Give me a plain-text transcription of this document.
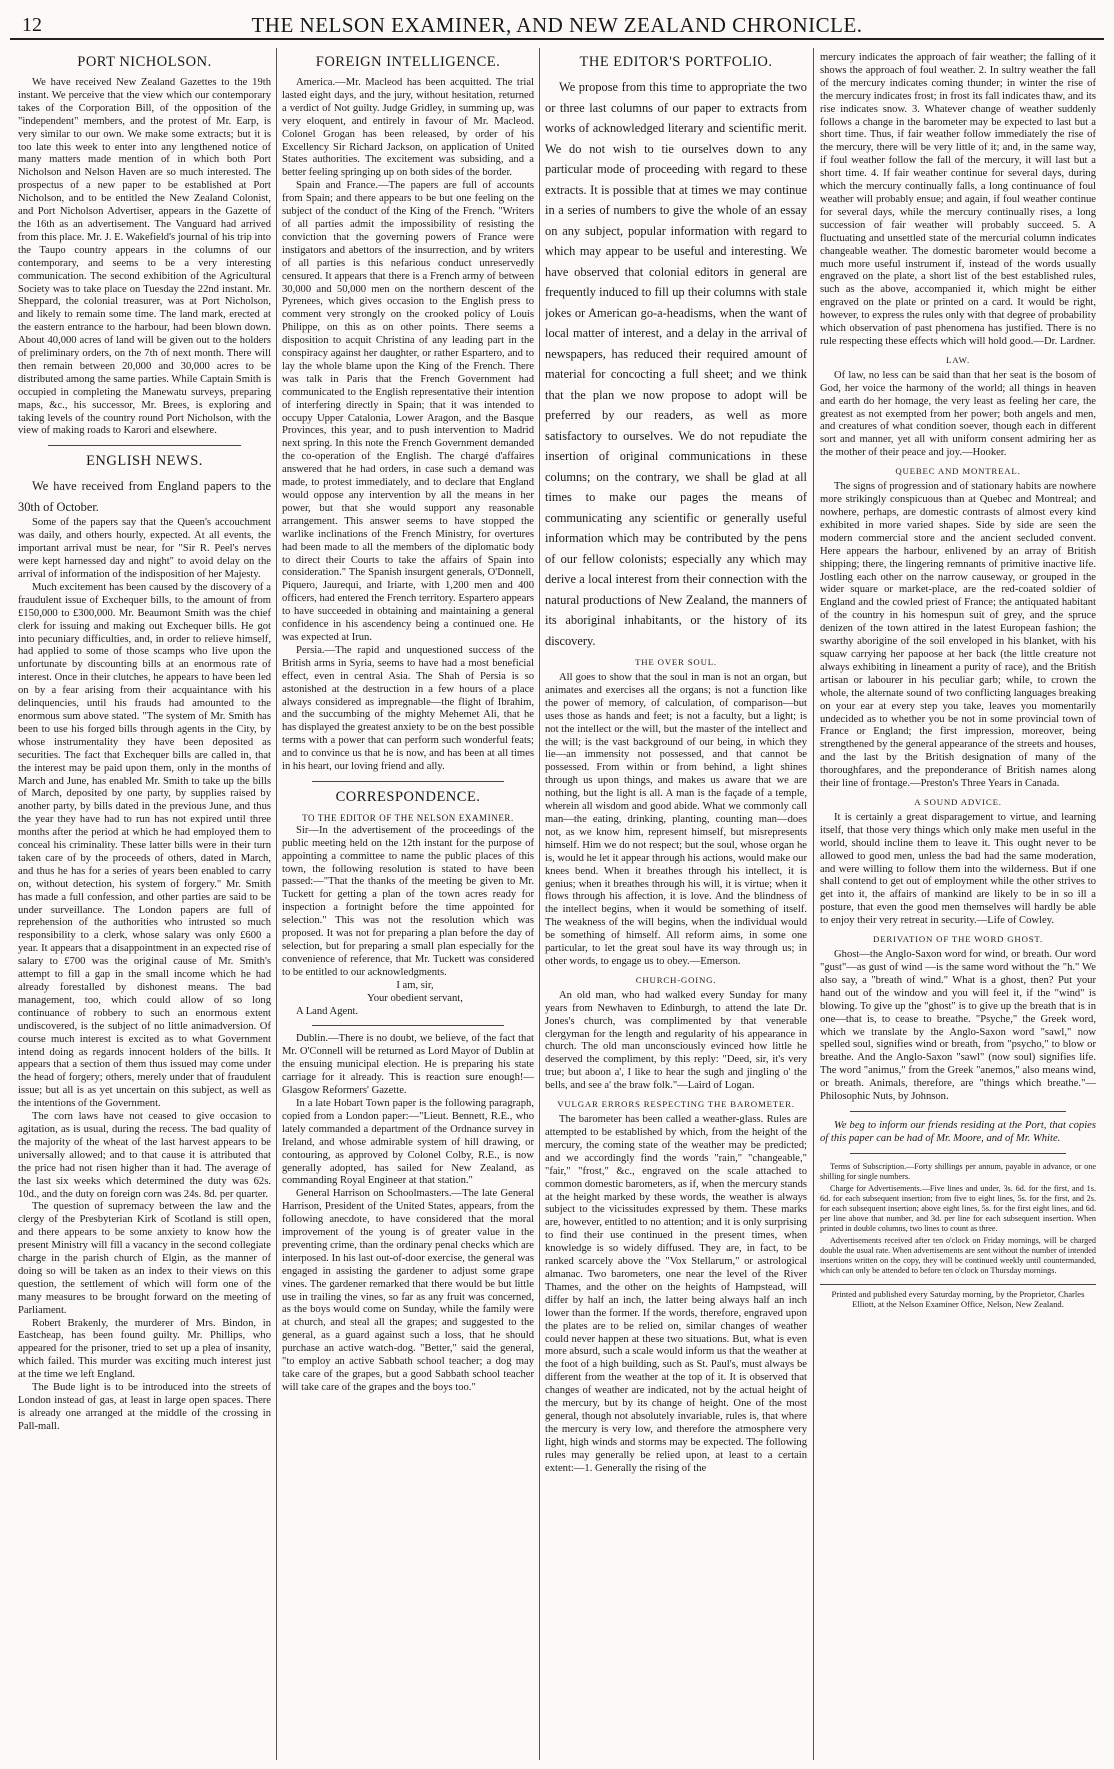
12	THE NELSON EXAMINER, AND NEW ZEALAND CHRONICLE.
PORT NICHOLSON.

We have received New Zealand Gazettes to the 19th instant. We perceive that the view which our contemporary takes of the Corporation Bill, of the opposition of the "independent" members, and the protest of Mr. Earp, is very similar to our own. We make some extracts; but it is too late this week to enter into any lengthened notice of many matters made mention of in which both Port Nicholson and Nelson Haven are so much interested. The prospectus of a new paper to be established at Port Nicholson, and to be entitled the New Zealand Colonist, and Port Nicholson Advertiser, appears in the Gazette of the 16th as an advertisement. The Vanguard had arrived from this place. Mr. J. E. Wakefield's journal of his trip into the Taupo country appears in the columns of our contemporary, and seems to be a very interesting communication. The second exhibition of the Agricultural Society was to take place on Tuesday the 22nd instant. Mr. Sheppard, the colonial treasurer, was at Port Nicholson, and likely to remain some time. The land mark, erected at the eastern entrance to the harbour, had been blown down. About 40,000 acres of land will be given out to the holders of preliminary orders, on the 7th of next month. There will then remain between 20,000 and 30,000 acres to be distributed among the same parties. While Captain Smith is occupied in completing the Manewatu surveys, preparing maps, &c., his successor, Mr. Brees, is exploring and taking levels of the country round Port Nicholson, with the view of making roads to Karori and elsewhere.

ENGLISH NEWS.

We have received from England papers to the 30th of October.

Some of the papers say that the Queen's accouchment was daily, and others hourly, expected. At all events, the important arrival must be near, for "Sir R. Peel's nerves were kept harnessed day and night" to avoid delay on the arrival of information of the indisposition of her Majesty.

Much excitement has been caused by the discovery of a fraudulent issue of Exchequer bills, to the amount of from £150,000 to £300,000. Mr. Beaumont Smith was the chief clerk for issuing and making out Exchequer bills. He got into pecuniary difficulties, and, in order to relieve himself, had applied to some of those scamps who live upon the unfortunate by discounting bills at an enormous rate of interest. Once in their clutches, he appears to have been led on by a fear arising from their acquaintance with his delinquencies, until his frauds had amounted to the enormous sum above stated. "The system of Mr. Smith has been to use his forged bills through agents in the City, by whose instrumentality they have been deposited as securities. The fact that Exchequer bills are called in, that the interest may be paid upon them, only in the months of March and June, has enabled Mr. Smith to take up the bills of March, deposited by one party, by supplies raised by another party, by bills dated in the previous June, and thus the year they have had to run has not expired until three months after the period at which he had employed them to conceal his criminality. These latter bills were in their turn taken care of by the proceeds of others, dated in March, and thus he has for a series of years been enabled to carry on, without detection, his system of forgery." Mr. Smith has made a full confession, and other parties are said to be under surveillance. The London papers are full of reprehension of the authorities who intrusted so much responsibility to a clerk, whose salary was only £600 a year. It appears that a disappointment in an expected rise of salary to £700 was the original cause of Mr. Smith's attempt to fill a gap in the small income which he had already forestalled by dishonest means. The bad management, too, which could allow of so long continuance of robbery to such an enormous extent undiscovered, is the subject of no little animadversion. Of course much interest is excited as to what Government intend doing as regards innocent holders of the bills. It appears that a section of them thus issued may come under the head of forgery; others, merely under that of fraudulent issue; but all is as yet uncertain on this subject, as well as the intentions of the Government.

The corn laws have not ceased to give occasion to agitation, as is usual, during the recess. The bad quality of the majority of the wheat of the last harvest appears to be universally allowed; and to that cause it is attributed that the price had not risen higher than it had. The average of the last six weeks which determined the duty was 62s. 10d., and the duty on foreign corn was 24s. 8d. per quarter.

The question of supremacy between the law and the clergy of the Presbyterian Kirk of Scotland is still open, and there appears to be some anxiety to know how the present Ministry will fill a vacancy in the second collegiate charge in the parish church of Elgin, as the manner of doing so will be taken as an index to their views on this question, the settlement of which will form one of the many measures to be brought forward on the meeting of Parliament.

Robert Brakenly, the murderer of Mrs. Bindon, in Eastcheap, has been found guilty. Mr. Phillips, who appeared for the prisoner, tried to set up a plea of insanity, which failed. This murder was exciting much interest just at the time we left England.

The Bude light is to be introduced into the streets of London instead of gas, at least in large open spaces. There is already one arranged at the middle of the crossing in Pall-mall.

FOREIGN INTELLIGENCE.

America.—Mr. Macleod has been acquitted. The trial lasted eight days, and the jury, without hesitation, returned a verdict of Not guilty. Judge Gridley, in summing up, was very eloquent, and entirely in favour of Mr. Macleod. Colonel Grogan has been released, by order of his Excellency Sir Richard Jackson, on application of United States authorities. The excitement was subsiding, and a better feeling springing up on both sides of the border.

Spain and France.—The papers are full of accounts from Spain; and there appears to be but one feeling on the subject of the conduct of the King of the French. "Writers of all parties admit the impossibility of resisting the conviction that the governing powers of France were instigators and abettors of the insurrection, and by writers of all parties is this nefarious conduct unreservedly censured. It appears that there is a French army of between 30,000 and 50,000 men on the northern descent of the Pyrenees, which gives occasion to the English press to comment very strongly on the crooked policy of Louis Philippe, on this as on other points. There seems a disposition to acquit Christina of any leading part in the conspiracy against her daughter, or rather Espartero, and to lay the whole blame upon the King of the French. There was talk in Paris that the French Government had communicated to the English representative their intention of interfering directly in Spain; that it was intended to occupy Upper Catalonia, Lower Aragon, and the Basque Provinces, this year, and to push intervention to Madrid next spring. In this note the French Government demanded the co-operation of the English. The chargé d'affaires answered that he had orders, in case such a demand was made, to protest immediately, and to declare that England would oppose any intervention by all the means in her power, but that she would support any reasonable arrangement. This answer seems to have stopped the warlike inclinations of the French Ministry, for overtures had been made to all the members of the diplomatic body to direct their Courts to take the affairs of Spain into consideration." The Spanish insurgent generals, O'Donnell, Piquero, Jaurequi, and Iriarte, with 1,200 men and 400 officers, had entered the French territory. Espartero appears to have succeeded in obtaining and maintaining a general confidence in his ascendency being a continued one. He was expected at Irun.

Persia.—The rapid and unquestioned success of the British arms in Syria, seems to have had a most beneficial effect, even in central Asia. The Shah of Persia is so astonished at the destruction in a few hours of a place always considered as impregnable—the flight of Ibrahim, and the succumbing of the mighty Mehemet Ali, that he has displayed the greatest anxiety to be on the best possible terms with a power that can perform such wonderful feats; and to convince us that he is now, and has been at all times in his heart, our loving friend and ally.

CORRESPONDENCE.
TO THE EDITOR OF THE NELSON EXAMINER.

Sir—In the advertisement of the proceedings of the public meeting held on the 12th instant for the purpose of appointing a committee to name the public places of this town, the following resolution is stated to have been passed:—"That the thanks of the meeting be given to Mr. Tuckett for getting a plan of the town acres ready for inspection a fortnight before the time appointed for selection." This was not the resolution which was proposed. It was not for preparing a plan before the day of selection, but for preparing a small plan especially for the convenience of reference, that Mr. Tuckett was considered to be entitled to our acknowledgments.

I am, sir,

Your obedient servant,

A Land Agent.

Dublin.—There is no doubt, we believe, of the fact that Mr. O'Connell will be returned as Lord Mayor of Dublin at the ensuing municipal election. He is preparing his state carriage for it already. This is reaction sure enough!—Glasgow Reformers' Gazette.

In a late Hobart Town paper is the following paragraph, copied from a London paper:—"Lieut. Bennett, R.E., who lately commanded a department of the Ordnance survey in Ireland, and whose admirable system of hill drawing, or contouring, as approved by Colonel Colby, R.E., is now generally adopted, has sailed for New Zealand, as commanding Royal Engineer at that station."

General Harrison on Schoolmasters.—The late General Harrison, President of the United States, appears, from the following anecdote, to have considered that the moral improvement of the young is of greater value in the preventing crime, than the ordinary penal checks which are interposed. In his last out-of-door exercise, the general was engaged in assisting the gardener to adjust some grape vines. The gardener remarked that there would be but little use in trailing the vines, so far as any fruit was concerned, as the boys would come on Sunday, while the family were at church, and steal all the grapes; and suggested to the general, as a guard against such a loss, that he should purchase an active watch-dog. "Better," said the general, "to employ an active Sabbath school teacher; a dog may take care of the grapes, but a good Sabbath school teacher will take care of the grapes and the boys too."

THE EDITOR'S PORTFOLIO.

We propose from this time to appropriate the two or three last columns of our paper to extracts from works of acknowledged literary and scientific merit. We do not wish to tie ourselves down to any particular mode of proceeding with regard to these extracts. It is possible that at times we may continue in a series of numbers to give the whole of an essay on any subject, popular information with regard to which may appear to be useful and interesting. We have observed that colonial editors in general are frequently induced to fill up their columns with stale jokes or American go-a-headisms, when the want of local matter of interest, and a delay in the arrival of newspapers, has reduced their required amount of material for concocting a full sheet; and we think that the plan we now propose to adopt will be preferred by our readers, as well as more satisfactory to ourselves. We do not repudiate the insertion of original communications in these columns; on the contrary, we shall be glad at all times to make our pages the means of communicating any scientific or generally useful information which may be contributed by the pens of our fellow colonists; especially any which may derive a local interest from their connection with the natural productions of New Zealand, the manners of its aboriginal inhabitants, or the history of its discovery.

THE OVER SOUL.

All goes to show that the soul in man is not an organ, but animates and exercises all the organs; is not a function like the power of memory, of calculation, of comparison—but uses those as hands and feet; is not a faculty, but a light; is not the intellect or the will, but the master of the intellect and the will; is the vast background of our being, in which they lie—an immensity not possessed, and that cannot be possessed. From within or from behind, a light shines through us upon things, and makes us aware that we are nothing, but the light is all. A man is the façade of a temple, wherein all wisdom and good abide. What we commonly call man—the eating, drinking, planting, counting man—does not, as we know him, represent himself, but misrepresents himself. Him we do not respect; but the soul, whose organ he is, would he let it appear through his actions, would make our knees bend. When it breathes through his intellect, it is genius; when it breathes through his will, it is virtue; when it flows through his affection, it is love. And the blindness of the intellect begins, when it would be something of itself. The weakness of the will begins, when the individual would be something of himself. All reform aims, in some one particular, to let the great soul have its way through us; in other words, to engage us to obey.—Emerson.

CHURCH-GOING.

An old man, who had walked every Sunday for many years from Newhaven to Edinburgh, to attend the late Dr. Jones's church, was complimented by that venerable clergyman for the length and regularity of his appearance in church. The old man unconsciously evinced how little he deserved the compliment, by this reply: "Deed, sir, it's very true; but aboon a', I like to hear the sugh and jingling o' the bells, and see a' the braw folk."—Laird of Logan.

VULGAR ERRORS RESPECTING THE BAROMETER.

The barometer has been called a weather-glass. Rules are attempted to be established by which, from the height of the mercury, the coming state of the weather may be predicted; and we accordingly find the words "rain," "changeable," "fair," "frost," &c., engraved on the scale attached to common domestic barometers, as if, when the mercury stands at the height marked by these words, the weather is always subject to the vicissitudes expressed by them. These marks are, however, entitled to no attention; and it is only surprising to find their use continued in the present times, when knowledge is so widely diffused. They are, in fact, to be ranked scarcely above the "Vox Stellarum," or astrological almanac. Two barometers, one near the level of the River Thames, and the other on the heights of Hampstead, will differ by half an inch, the latter being always half an inch lower than the former. If the words, therefore, engraved upon the plates are to be relied on, similar changes of weather could never happen at these two situations. But, what is even more absurd, such a scale would inform us that the weather at the foot of a high building, such as St. Paul's, must always be different from the weather at the top of it. It is observed that changes of weather are indicated, not by the actual height of the mercury, but by its change of height. One of the most general, though not absolutely invariable, rules is, that where the mercury is very low, and therefore the atmosphere very light, high winds and storms may be expected. The following rules may generally be relied upon, at least to a certain extent:—1. Generally the rising of the

mercury indicates the approach of fair weather; the falling of it shows the approach of foul weather. 2. In sultry weather the fall of the mercury indicates coming thunder; in winter the rise of the mercury indicates frost; in frost its fall indicates thaw, and its rise indicates snow. 3. Whatever change of weather suddenly follows a change in the barometer may be expected to last but a short time. Thus, if fair weather follow immediately the rise of the mercury, there will be very little of it; and, in the same way, if foul weather follow the fall of the mercury, it will last but a short time. 4. If fair weather continue for several days, during which the mercury continually falls, a long continuance of foul weather will probably ensue; and again, if foul weather continue for several days, while the mercury continually rises, a long succession of fair weather will probably succeed. 5. A fluctuating and unsettled state of the mercurial column indicates changeable weather. The domestic barometer would become a much more useful instrument if, instead of the words usually engraved on the plate, a short list of the best established rules, such as the above, accompanied it, which might be either engraved on the plate or printed on a card. It would be right, however, to express the rules only with that degree of probability which observation of past phenomena has justified. There is no rule respecting these effects which will hold good.—Dr. Lardner.

LAW.

Of law, no less can be said than that her seat is the bosom of God, her voice the harmony of the world; all things in heaven and earth do her homage, the very least as feeling her care, the greatest as not exempted from her power; both angels and men, and creatures of what condition soever, though each in different sort and manner, yet all with uniform consent admiring her as the mother of their peace and joy.—Hooker.

QUEBEC AND MONTREAL.

The signs of progression and of stationary habits are nowhere more strikingly conspicuous than at Quebec and Montreal; and nowhere, perhaps, are domestic contrasts of almost every kind exhibited in more varied shapes. Side by side are seen the modern commercial store and the ancient secluded convent. Here appears the harbour, enlivened by an array of British shipping; there, the lingering remnants of primitive inactive life. Jostling each other on the narrow causeway, or grouped in the wider square or market-place, are the red-coated soldier of England and the cowled priest of France; the antiquated habitant of the country in his homespun suit of grey, and the spruce denizen of the town attired in the latest European fashion; the swarthy aborigine of the soil enveloped in his blanket, with his squaw carrying her papoose at her back (the little creature not always exhibiting in lineament a purity of race), and the British artisan or labourer in his peculiar garb; while, to crown the whole, the alternate sound of two conflicting languages breaking on your ear at every step you take, leaves you momentarily undecided as to whether you be not in some provincial town of France or England; the first impression, moreover, being strengthened by the general appearance of the streets and houses, and the last by the British designation of many of the thoroughfares, and the preponderance of British names along their line of frontage.—Preston's Three Years in Canada.

A SOUND ADVICE.

It is certainly a great disparagement to virtue, and learning itself, that those very things which only make men useful in the world, should incline them to leave it. This ought never to be allowed to good men, unless the bad had the same moderation, and were willing to follow them into the wilderness. But if one shall contend to get out of employment while the other strives to get into it, the affairs of mankind are likely to be in so ill a posture, that even the good men themselves will hardly be able to enjoy their very retreat in security.—Life of Cowley.

DERIVATION OF THE WORD GHOST.

Ghost—the Anglo-Saxon word for wind, or breath. Our word "gust"—as gust of wind —is the same word without the "h." We also say, a "breath of wind." What is a ghost, then? Put your hand out of the window and you will feel it, if the "wind" is blowing. To give up the "ghost" is to give up the breath that is in one—that is, to cease to breathe. "Psyche," the Greek word, which we translate by the Anglo-Saxon word "sawl," now spelled soul, signifies wind or breath, from "psycho," to blow or breathe. And the Anglo-Saxon "sawl" (now soul) signifies life. The word "animus," from the Greek "anemos," also means wind, or breath. Animals, therefore, are "things which breathe."—Philosophic Nuts, by Johnson.

We beg to inform our friends residing at the Port, that copies of this paper can be had of Mr. Moore, and of Mr. White.

Terms of Subscription.—Forty shillings per annum, payable in advance, or one shilling for single numbers.

Charge for Advertisements.—Five lines and under, 3s. 6d. for the first, and 1s. 6d. for each subsequent insertion; from five to eight lines, 5s. for the first, and 2s. for each subsequent insertion; above eight lines, 5s. for the first eight lines, and 6d. per line above that number, and 3d. per line for each subsequent insertion. When printed in double columns, two lines to count as three.

Advertisements received after ten o'clock on Friday mornings, will be charged double the usual rate. When advertisements are sent without the number of intended insertions written on the copy, they will be continued weekly until countermanded, which can only be attended to before ten o'clock on Thursday mornings.

Printed and published every Saturday morning, by the Proprietor, Charles Elliott, at the Nelson Examiner Office, Nelson, New Zealand.
